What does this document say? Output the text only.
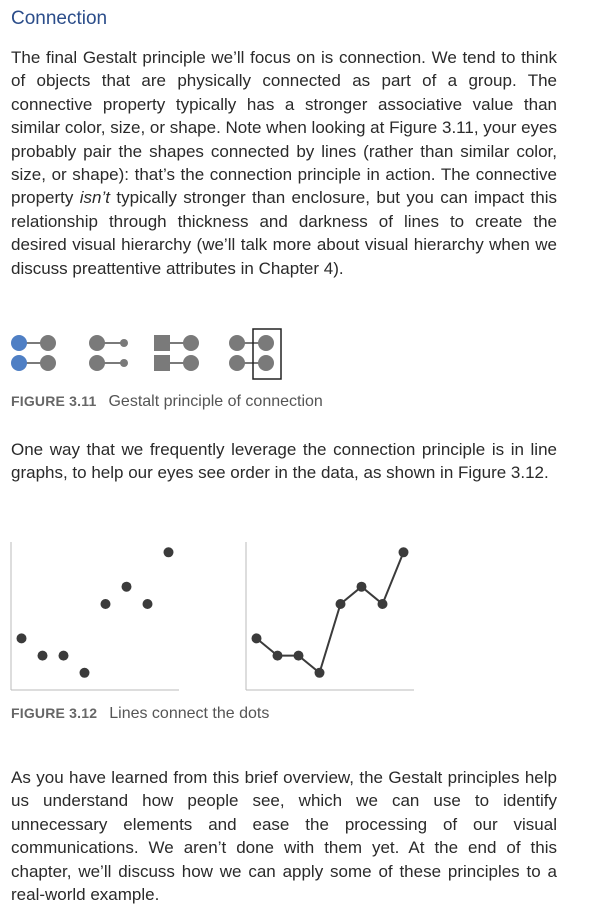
Connection

The final Gestalt principle we’ll focus on is connection. We tend to think of objects that are physically connected as part of a group. The connective property typically has a stronger associative value than similar color, size, or shape. Note when looking at Figure 3.11, your eyes probably pair the shapes connected by lines (rather than similar color, size, or shape): that’s the connection principle in action. The connective property isn’t typically stronger than enclosure, but you can impact this relationship through thickness and darkness of lines to create the desired visual hierarchy (we’ll talk more about visual hierarchy when we discuss preattentive attributes in Chapter 4).

FIGURE 3.11 Gestalt principle of connection

One way that we frequently leverage the connection principle is in line graphs, to help our eyes see order in the data, as shown in Figure 3.12.

FIGURE 3.12 Lines connect the dots

As you have learned from this brief overview, the Gestalt principles help us understand how people see, which we can use to identify unnecessary elements and ease the processing of our visual communications. We aren’t done with them yet. At the end of this chapter, we’ll discuss how we can apply some of these principles to a real-world example.
